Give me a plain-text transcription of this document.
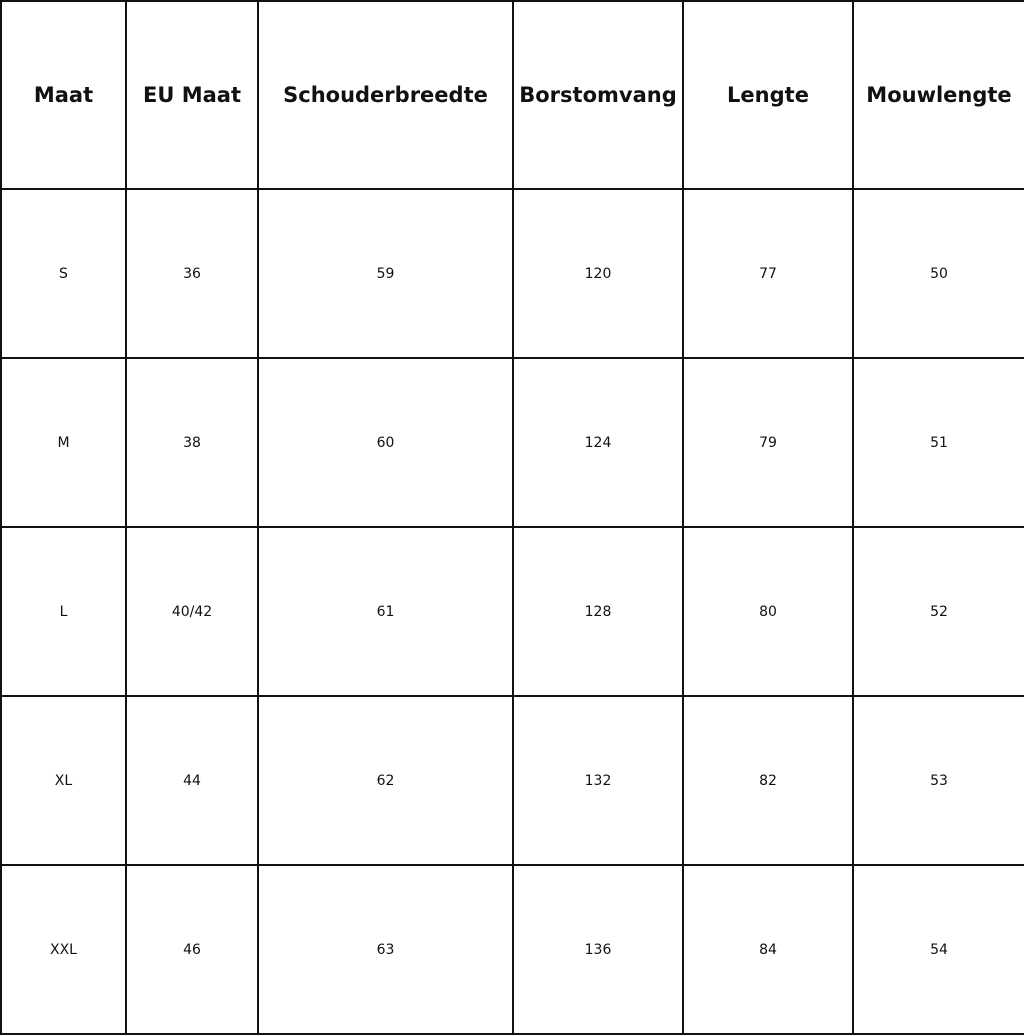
Maat	EU Maat	Schouderbreedte	Borstomvang	Lengte	Mouwlengte
S	36	59	120	77	50
M	38	60	124	79	51
L	40/42	61	128	80	52
XL	44	62	132	82	53
XXL	46	63	136	84	54
